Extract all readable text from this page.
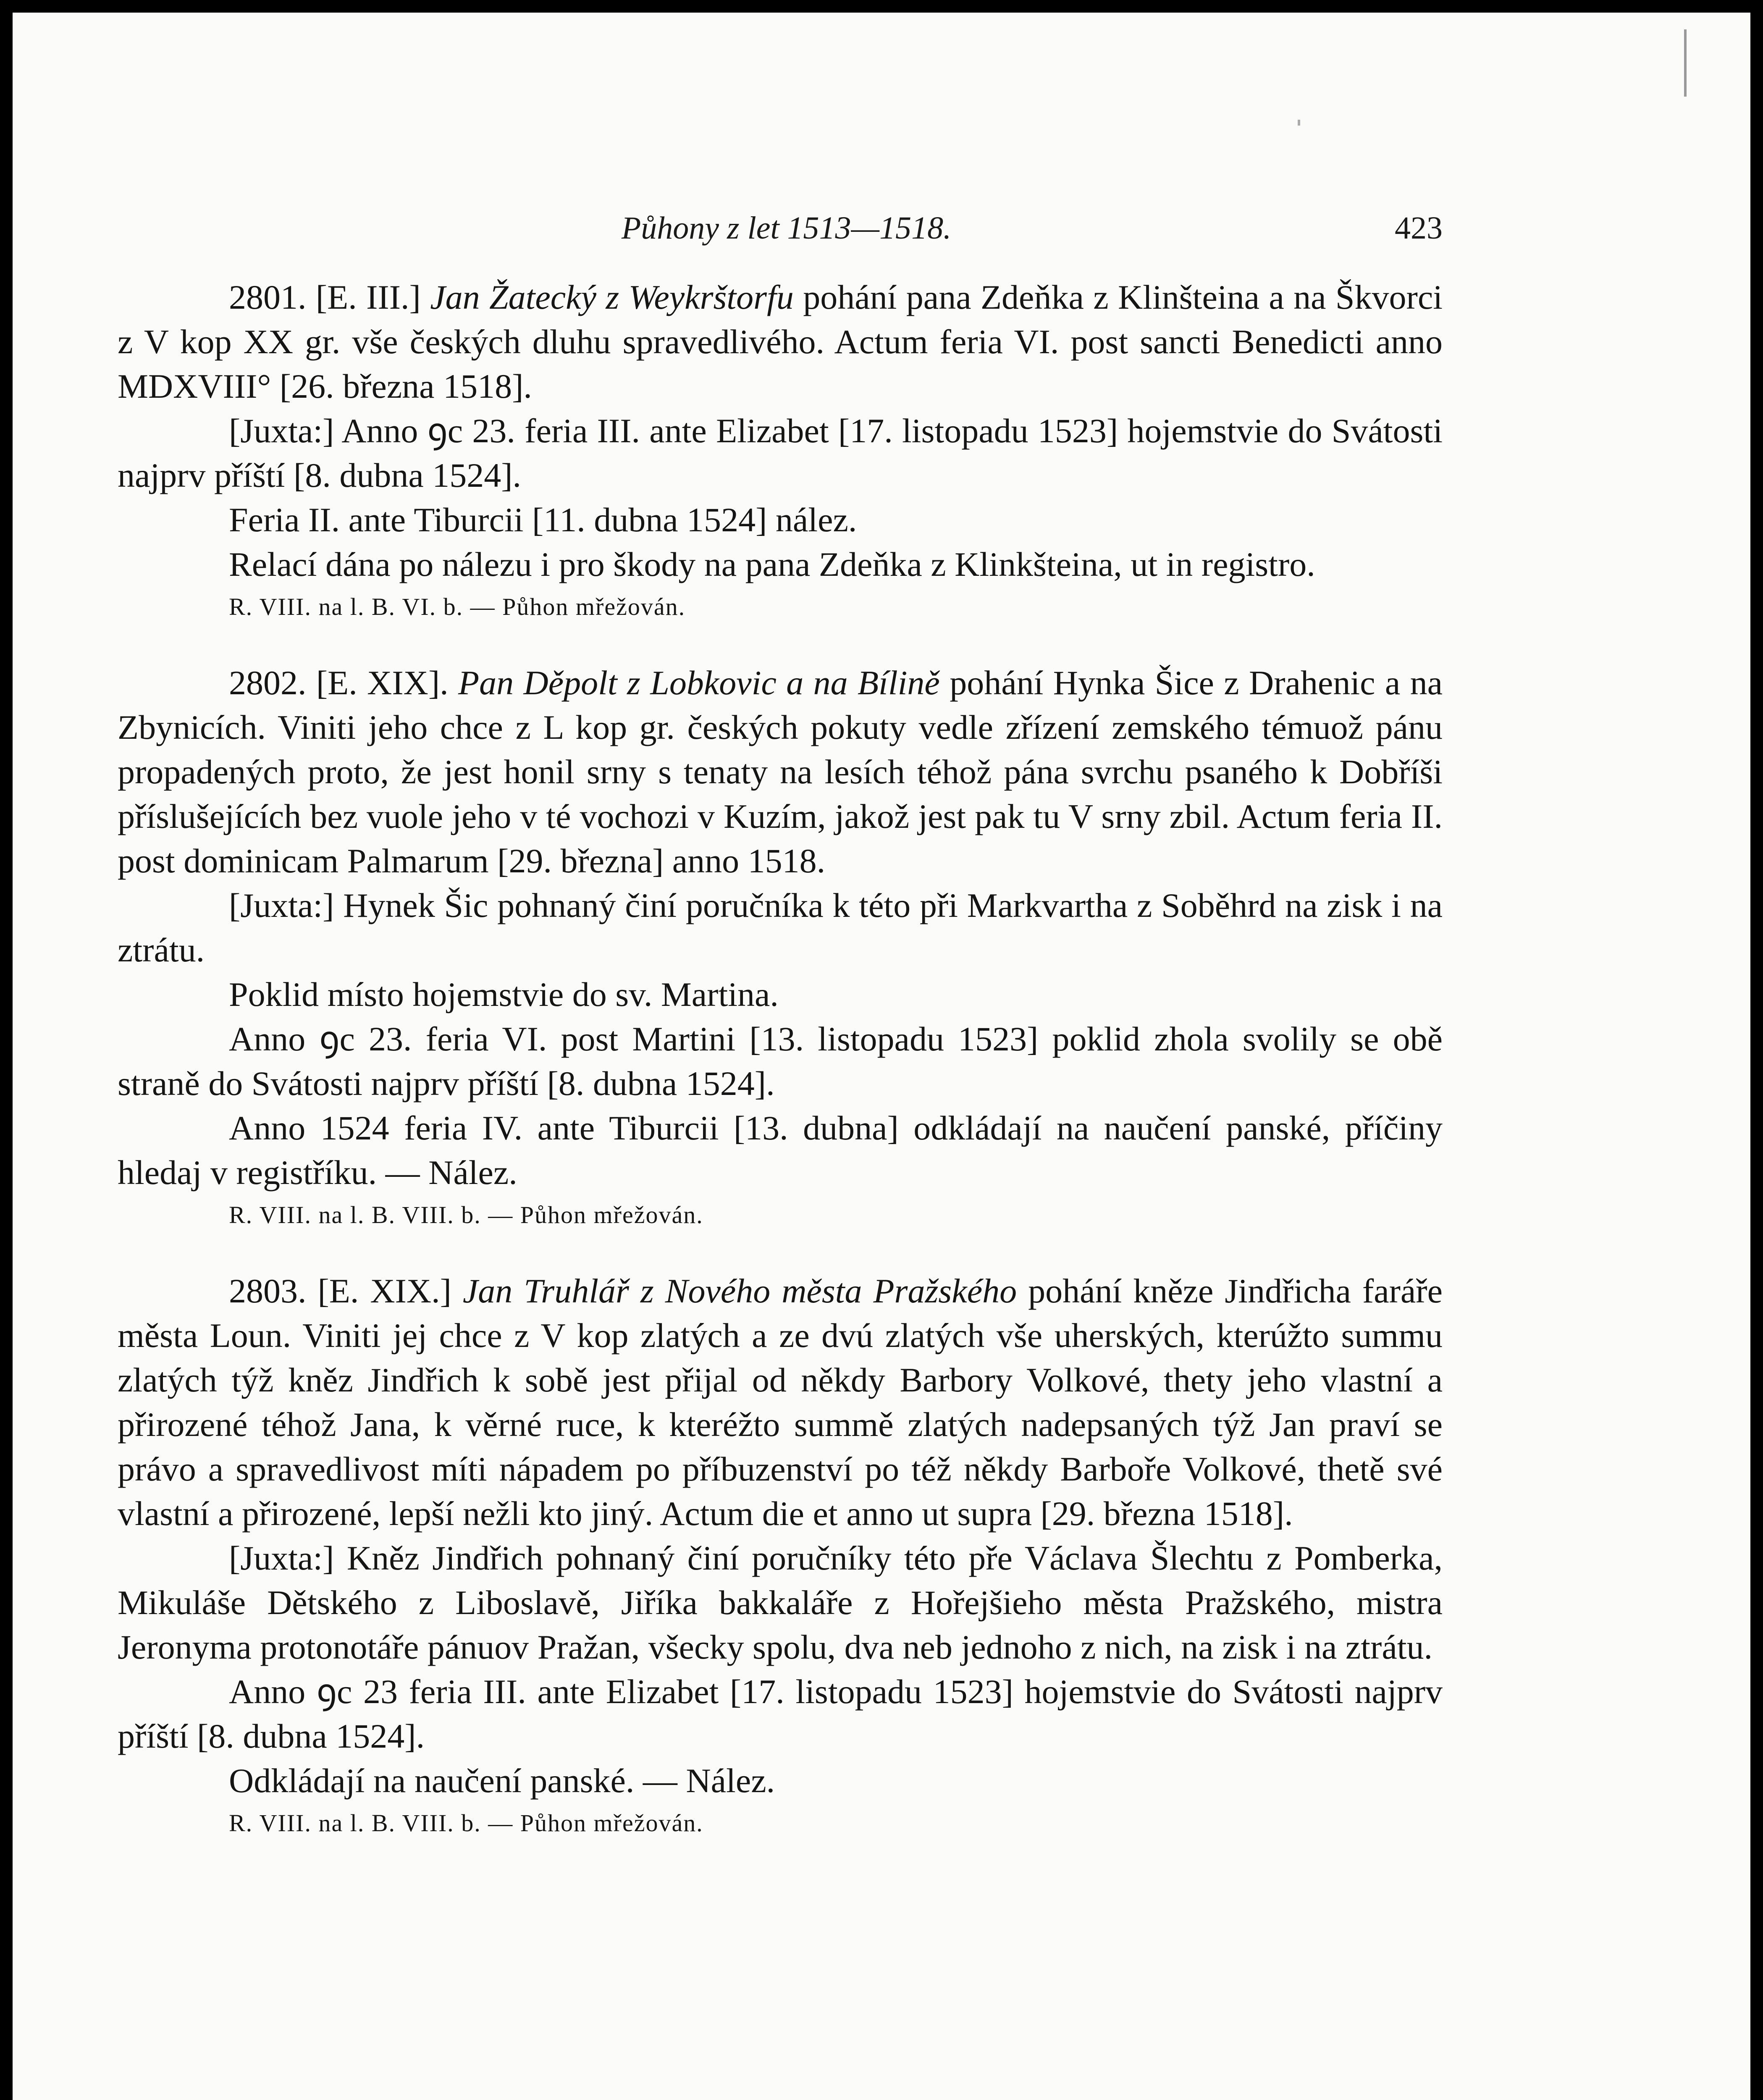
Půhony z let 1513—1518.	423

2801. [E. III.] Jan Žatecký z Weykrštorfu pohání pana Zdeňka z Klinšteina a na Škvorci z V kop XX gr. vše českých dluhu spravedlivého. Actum feria VI. post sancti Benedicti anno MDXVIII° [26. března 1518].

[Juxta:] Anno ꝯc 23. feria III. ante Elizabet [17. listopadu 1523] hojemstvie do Svátosti najprv příští [8. dubna 1524].

Feria II. ante Tiburcii [11. dubna 1524] nález.

Relací dána po nálezu i pro škody na pana Zdeňka z Klinkšteina, ut in registro.

R. VIII. na l. B. VI. b. — Půhon mřežován.

2802. [E. XIX]. Pan Děpolt z Lobkovic a na Bílině pohání Hynka Šice z Drahenic a na Zbynicích. Viniti jeho chce z L kop gr. českých pokuty vedle zřízení zemského témuož pánu propadených proto, že jest honil srny s tenaty na lesích téhož pána svrchu psaného k Dobříši příslušejících bez vuole jeho v té vochozi v Kuzím, jakož jest pak tu V srny zbil. Actum feria II. post dominicam Palmarum [29. března] anno 1518.

[Juxta:] Hynek Šic pohnaný činí poručníka k této při Markvartha z Soběhrd na zisk i na ztrátu.

Poklid místo hojemstvie do sv. Martina.

Anno ꝯc 23. feria VI. post Martini [13. listopadu 1523] poklid zhola svolily se obě straně do Svátosti najprv příští [8. dubna 1524].

Anno 1524 feria IV. ante Tiburcii [13. dubna] odkládají na naučení panské, příčiny hledaj v registříku. — Nález.

R. VIII. na l. B. VIII. b. — Půhon mřežován.

2803. [E. XIX.] Jan Truhlář z Nového města Pražského pohání kněze Jindřicha faráře města Loun. Viniti jej chce z V kop zlatých a ze dvú zlatých vše uherských, kterúžto summu zlatých týž kněz Jindřich k sobě jest přijal od někdy Barbory Volkové, thety jeho vlastní a přirozené téhož Jana, k věrné ruce, k kteréžto summě zlatých nadepsaných týž Jan praví se právo a spravedlivost míti nápadem po příbuzenství po též někdy Barboře Volkové, thetě své vlastní a přirozené, lepší nežli kto jiný. Actum die et anno ut supra [29. března 1518].

[Juxta:] Kněz Jindřich pohnaný činí poručníky této pře Václava Šlechtu z Pomberka, Mikuláše Dětského z Liboslavě, Jiříka bakkaláře z Hořejšieho města Pražského, mistra Jeronyma protonotáře pánuov Pražan, všecky spolu, dva neb jednoho z nich, na zisk i na ztrátu.

Anno ꝯc 23 feria III. ante Elizabet [17. listopadu 1523] hojemstvie do Svátosti najprv příští [8. dubna 1524].

Odkládají na naučení panské. — Nález.

R. VIII. na l. B. VIII. b. — Půhon mřežován.
